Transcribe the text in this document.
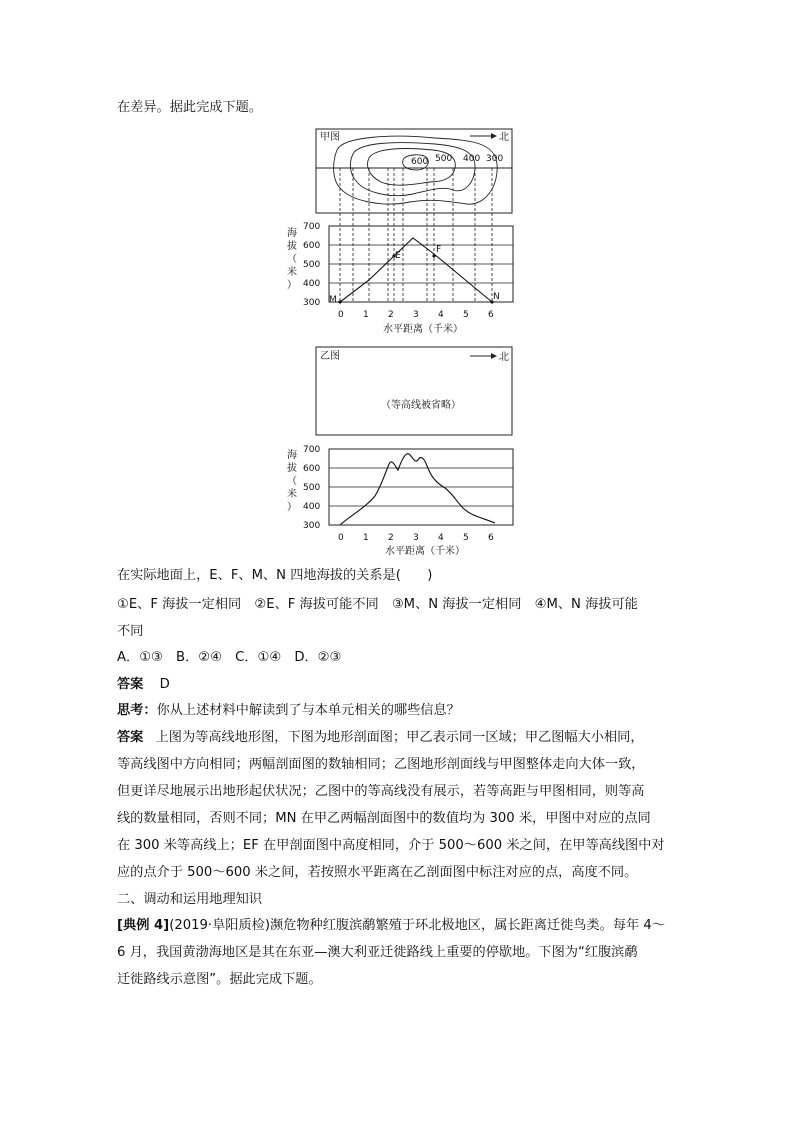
在差异。据此完成下题。
甲图	北
600 500 400 300
M
E
F
N
700
600
500
400
300
海
拔
（
米
）
0 1 2 3 4 5 6
水平距离（千米）
乙图	北
（等高线被省略）
700
600
500
400
300
海
拔
（
米
）
0 1 2 3 4 5 6
水平距离（千米）
在实际地面上，E、F、M、N 四地海拔的关系是(　　)
①E、F 海拔一定相同　②E、F 海拔可能不同　③M、N 海拔一定相同　④M、N 海拔可能
不同
A．①③　B．②④　C．①④　D．②③
答案 D
思考：你从上述材料中解读到了与本单元相关的哪些信息？
答案 上图为等高线地形图，下图为地形剖面图；甲乙表示同一区域；甲乙图幅大小相同，
等高线图中方向相同；两幅剖面图的数轴相同；乙图地形剖面线与甲图整体走向大体一致，
但更详尽地展示出地形起伏状况；乙图中的等高线没有展示，若等高距与甲图相同，则等高
线的数量相同，否则不同；MN 在甲乙两幅剖面图中的数值均为 300 米，甲图中对应的点同
在 300 米等高线上；EF 在甲剖面图中高度相同，介于 500～600 米之间，在甲等高线图中对
应的点介于 500～600 米之间，若按照水平距离在乙剖面图中标注对应的点，高度不同。
二、调动和运用地理知识
[典例 4](2019·阜阳质检)濒危物种红腹滨鹬繁殖于环北极地区，属长距离迁徙鸟类。每年 4～
6 月，我国黄渤海地区是其在东亚—澳大利亚迁徙路线上重要的停歇地。下图为“红腹滨鹬
迁徙路线示意图”。据此完成下题。
